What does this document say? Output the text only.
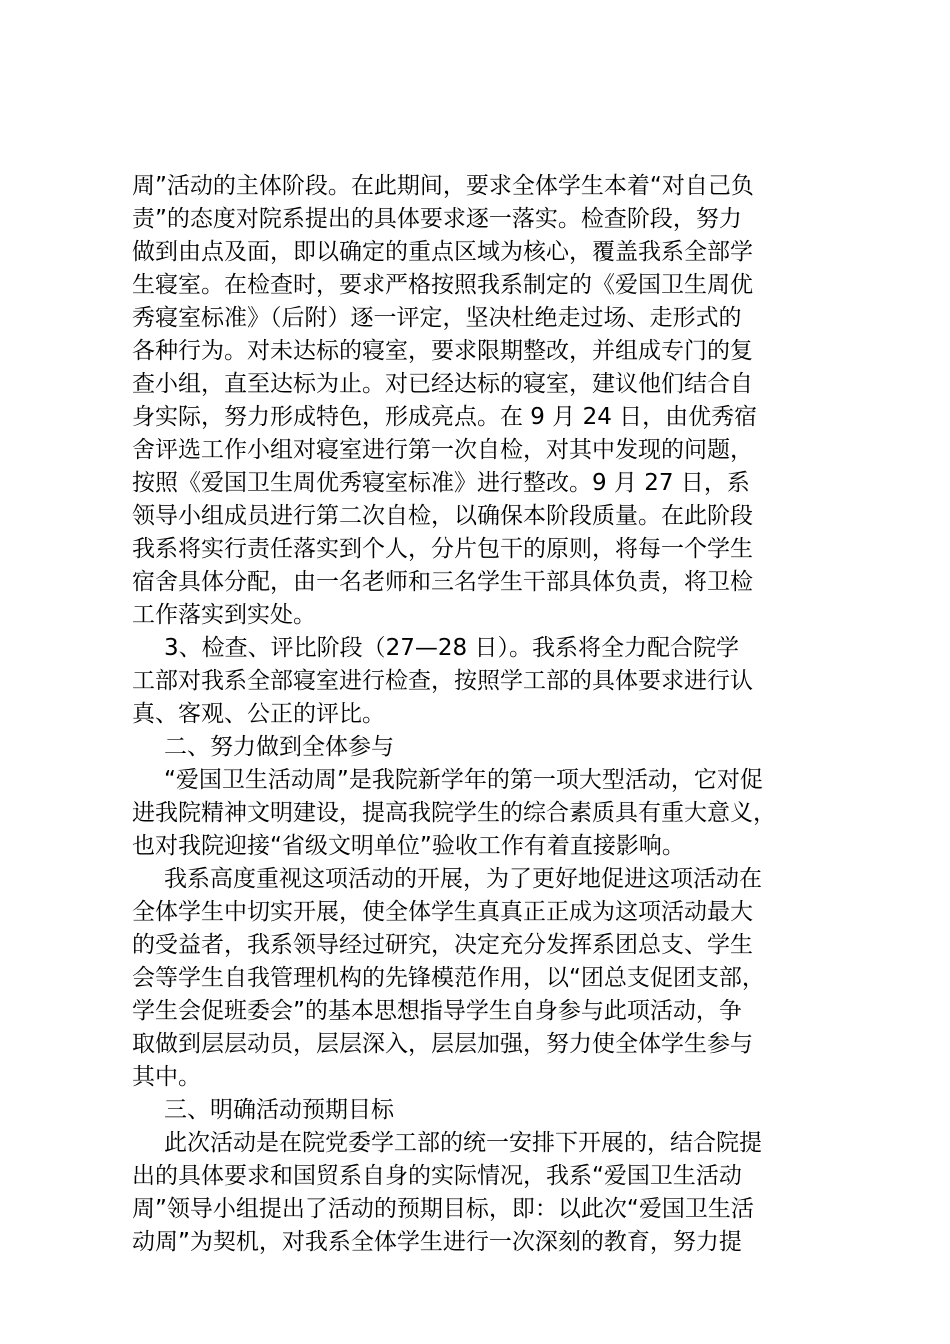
周”活动的主体阶段。在此期间，要求全体学生本着“对自己负
责”的态度对院系提出的具体要求逐一落实。检查阶段，努力
做到由点及面，即以确定的重点区域为核心，覆盖我系全部学
生寝室。在检查时，要求严格按照我系制定的《爱国卫生周优
秀寝室标准》（后附）逐一评定，坚决杜绝走过场、走形式的
各种行为。对未达标的寝室，要求限期整改，并组成专门的复
查小组，直至达标为止。对已经达标的寝室，建议他们结合自
身实际，努力形成特色，形成亮点。在 9 月 24 日，由优秀宿
舍评选工作小组对寝室进行第一次自检，对其中发现的问题，
按照《爱国卫生周优秀寝室标准》进行整改。9 月 27 日，系
领导小组成员进行第二次自检，以确保本阶段质量。在此阶段
我系将实行责任落实到个人，分片包干的原则，将每一个学生
宿舍具体分配，由一名老师和三名学生干部具体负责，将卫检
工作落实到实处。
3、检查、评比阶段（27—28 日）。我系将全力配合院学
工部对我系全部寝室进行检查，按照学工部的具体要求进行认
真、客观、公正的评比。
二、努力做到全体参与
“爱国卫生活动周”是我院新学年的第一项大型活动，它对促
进我院精神文明建设，提高我院学生的综合素质具有重大意义，
也对我院迎接“省级文明单位”验收工作有着直接影响。
我系高度重视这项活动的开展，为了更好地促进这项活动在
全体学生中切实开展，使全体学生真真正正成为这项活动最大
的受益者，我系领导经过研究，决定充分发挥系团总支、学生
会等学生自我管理机构的先锋模范作用，以“团总支促团支部，
学生会促班委会”的基本思想指导学生自身参与此项活动，争
取做到层层动员，层层深入，层层加强，努力使全体学生参与
其中。
三、明确活动预期目标
此次活动是在院党委学工部的统一安排下开展的，结合院提
出的具体要求和国贸系自身的实际情况，我系“爱国卫生活动
周”领导小组提出了活动的预期目标，即：以此次“爱国卫生活
动周”为契机，对我系全体学生进行一次深刻的教育，努力提
